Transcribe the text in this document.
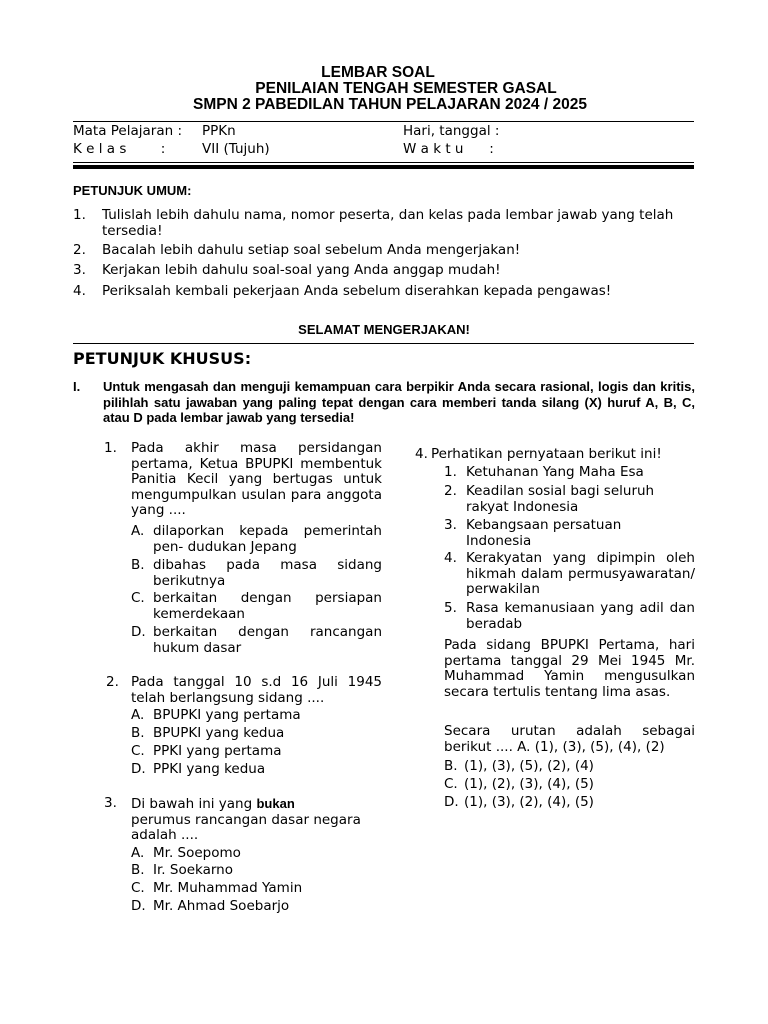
LEMBAR SOAL
PENILAIAN TENGAH SEMESTER GASAL
SMPN 2 PABEDILAN TAHUN PELAJARAN 2024 / 2025
Mata Pelajaran : PPKn	Hari, tanggal :
K e l a s        :	VII (Tujuh)	W a k t u      :
PETUNJUK UMUM:
1. Tulislah lebih dahulu nama, nomor peserta, dan kelas pada lembar jawab yang telah tersedia!
2. Bacalah lebih dahulu setiap soal sebelum Anda mengerjakan!
3. Kerjakan lebih dahulu soal-soal yang Anda anggap mudah!
4. Periksalah kembali pekerjaan Anda sebelum diserahkan kepada pengawas!
SELAMAT MENGERJAKAN!
PETUNJUK KHUSUS:
I. Untuk mengasah dan menguji kemampuan cara berpikir Anda secara rasional, logis dan kritis, pilihlah satu jawaban yang paling tepat dengan cara memberi tanda silang (X) huruf A, B, C, atau D pada lembar jawab yang tersedia!
1. Pada akhir masa persidangan pertama, Ketua BPUPKI membentuk Panitia Kecil yang bertugas untuk mengumpulkan usulan para anggota yang ....
A. dilaporkan kepada pemerintah pen- dudukan Jepang
B. dibahas pada masa sidang berikutnya
C. berkaitan dengan persiapan kemerdekaan
D. berkaitan dengan rancangan hukum dasar
2. Pada tanggal 10 s.d 16 Juli 1945 telah berlangsung sidang ....
A. BPUPKI yang pertama
B. BPUPKI yang kedua
C. PPKI yang pertama
D. PPKI yang kedua
3. Di bawah ini yang bukan
perumus rancangan dasar negara adalah ....
A. Mr. Soepomo
B. Ir. Soekarno
C. Mr. Muhammad Yamin
D. Mr. Ahmad Soebarjo
4. Perhatikan pernyataan berikut ini!
1. Ketuhanan Yang Maha Esa
2. Keadilan sosial bagi seluruh rakyat Indonesia
3. Kebangsaan persatuan Indonesia
4. Kerakyatan yang dipimpin oleh hikmah dalam permusyawaratan/ perwakilan
5. Rasa kemanusiaan yang adil dan beradab
Pada sidang BPUPKI Pertama, hari pertama tanggal 29 Mei 1945 Mr. Muhammad Yamin mengusulkan secara tertulis tentang lima asas.
Secara urutan adalah sebagai berikut .... A. (1), (3), (5), (4), (2)
B. (1), (3), (5), (2), (4)
C. (1), (2), (3), (4), (5)
D. (1), (3), (2), (4), (5)
